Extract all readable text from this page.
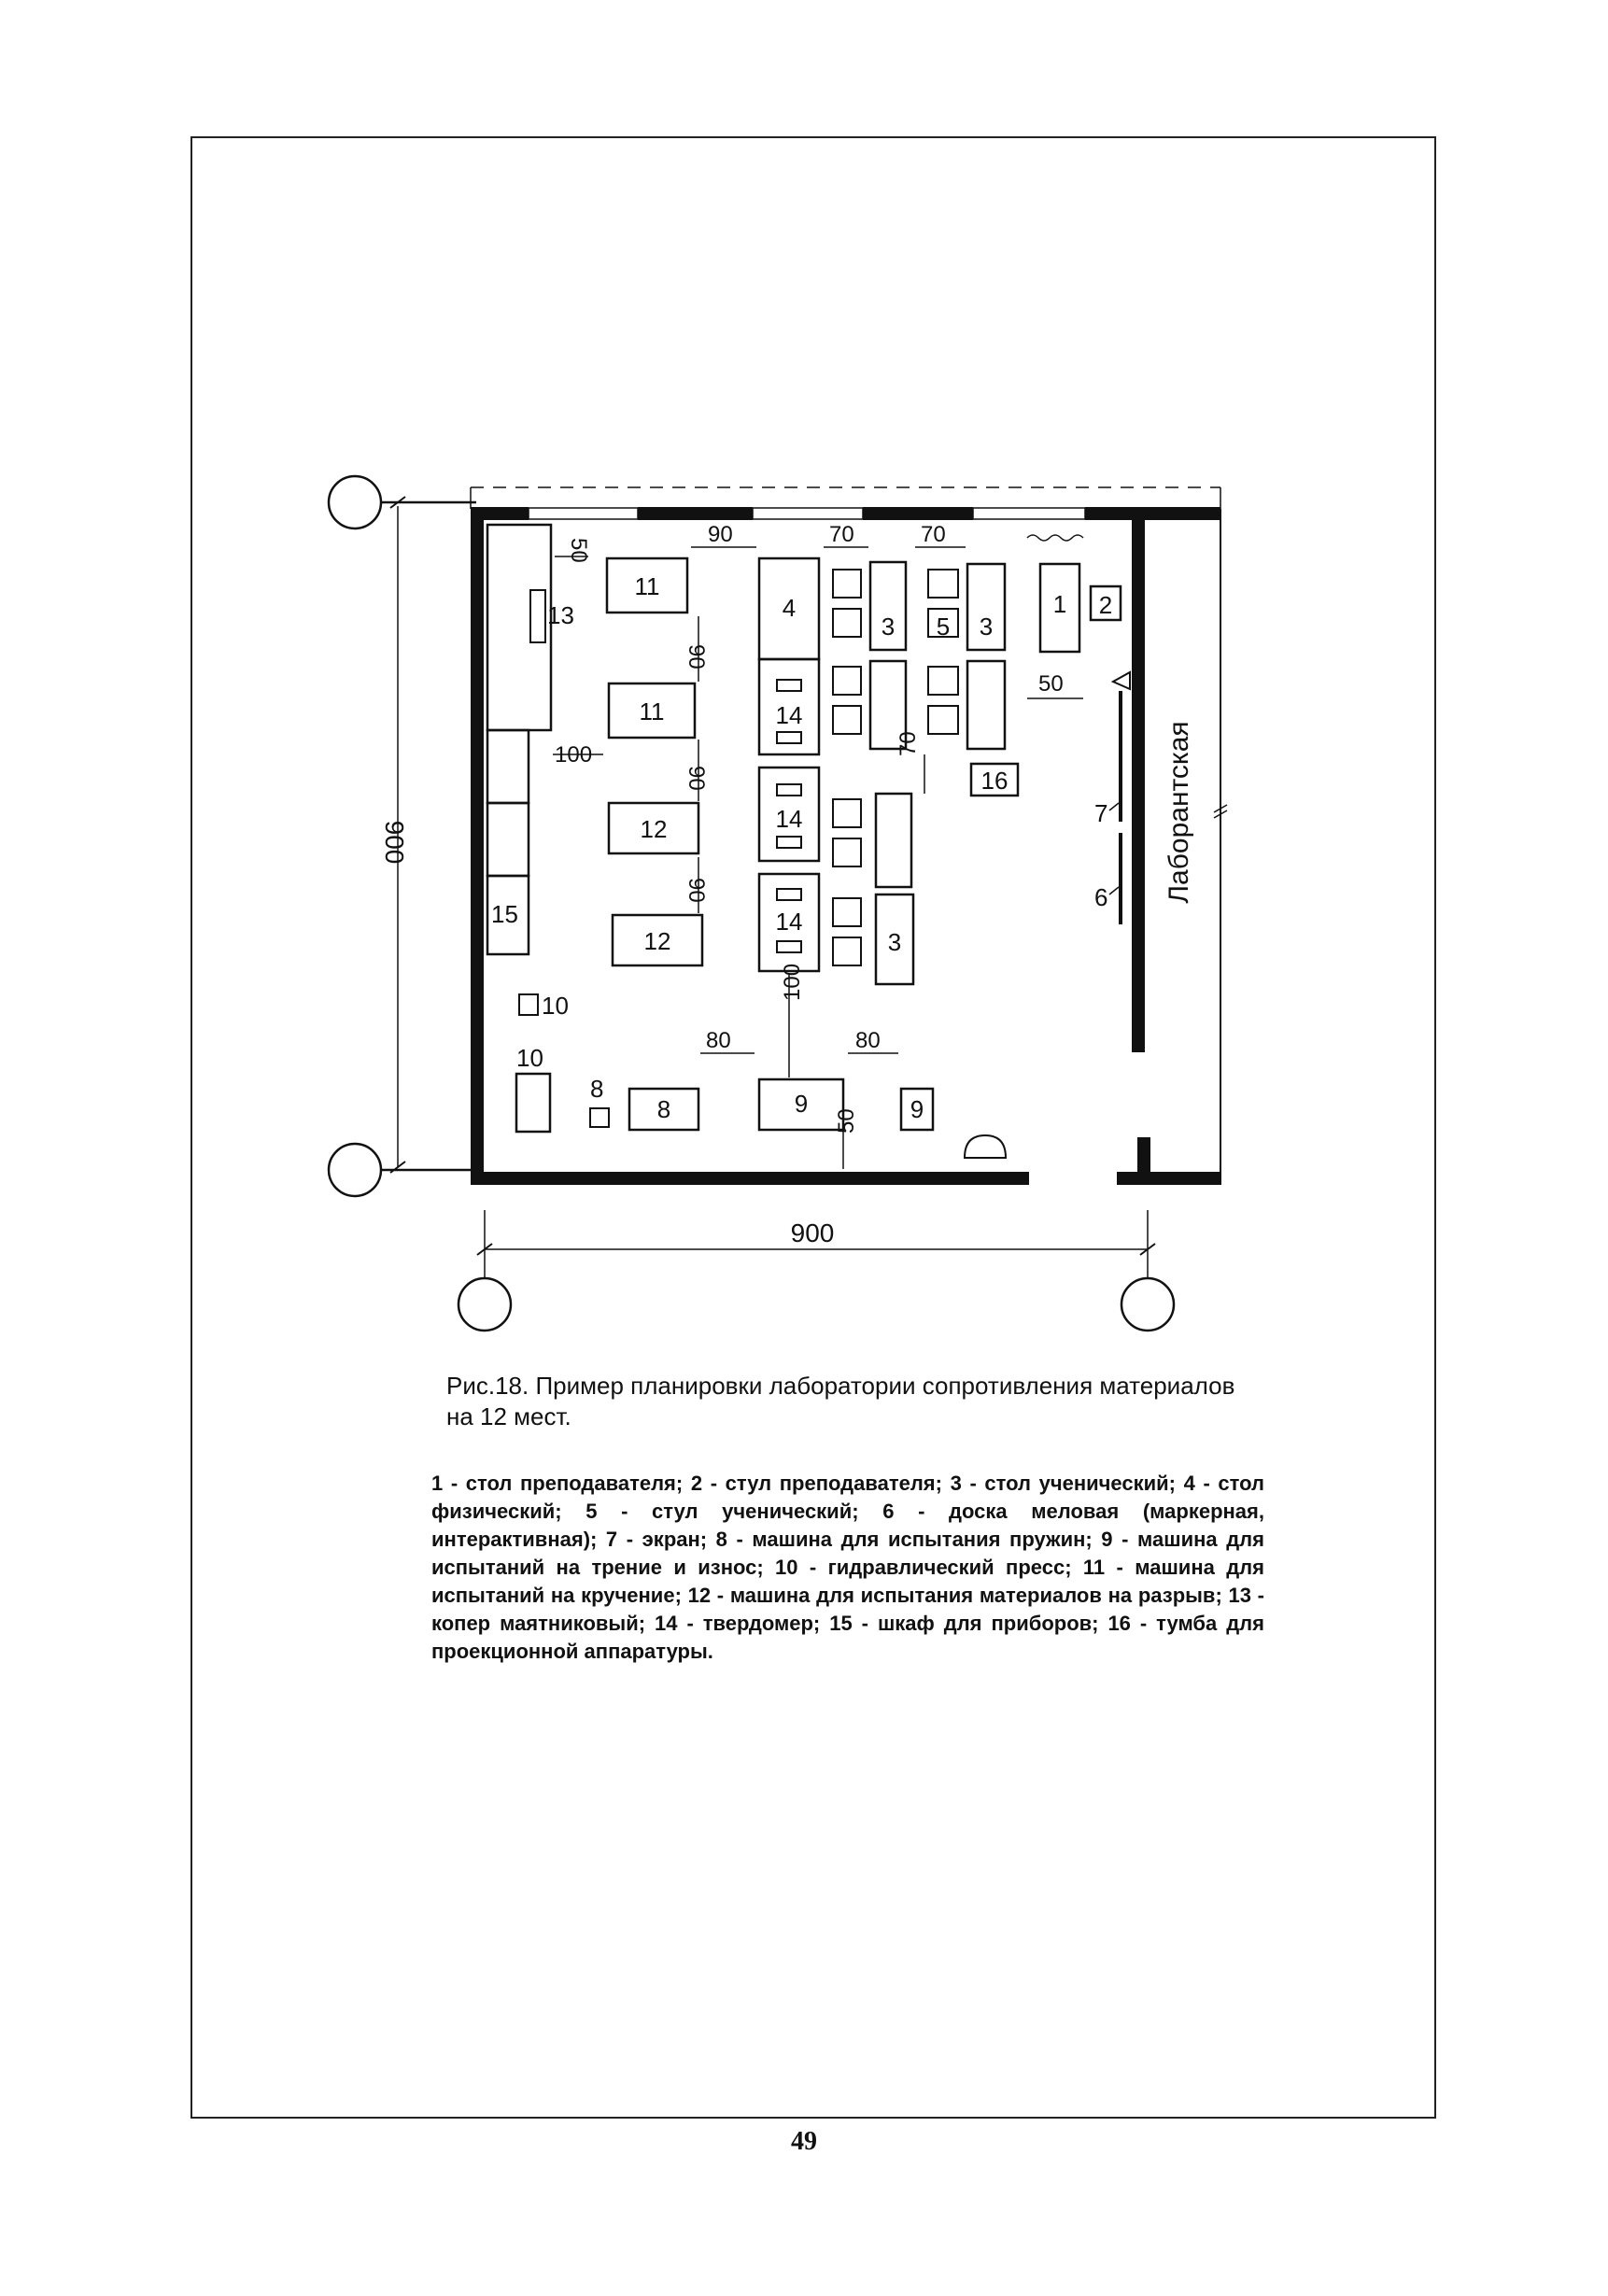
900
900
Лаборантская
7
6
13
15
11
11
12
12
10
10
8
8	9	9
4
14
14
14
3
3
5 3
16
1 2
50
90	70	70
90
90
90
100
50
70
100
80	80
50
Рис.18. Пример планировки лаборатории сопротивления материалов на 12 мест.
1 - стол преподавателя; 2 - стул преподавателя; 3 - стол ученический; 4 - стол физический; 5 - стул ученический; 6 - доска меловая (маркерная, интерактивная); 7 - экран; 8 - машина для испытания пружин; 9 - машина для испытаний на трение и износ; 10 - гидравлический пресс; 11 - машина для испытаний на кручение; 12 - машина для испытания материалов на разрыв; 13 - копер маятниковый; 14 - твердомер; 15 - шкаф для приборов; 16 - тумба для проекционной аппаратуры.
49
